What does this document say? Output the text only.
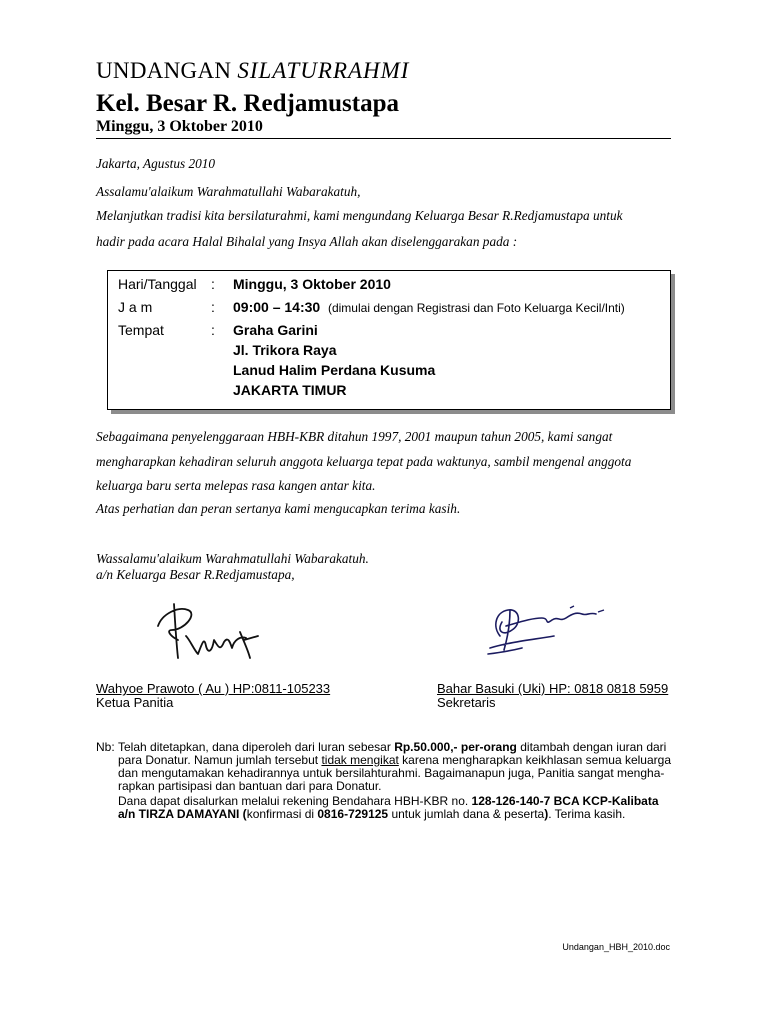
UNDANGAN SILATURRAHMI
Kel. Besar R. Redjamustapa
Minggu, 3 Oktober 2010
Jakarta, Agustus 2010
Assalamu'alaikum Warahmatullahi Wabarakatuh,
Melanjutkan tradisi kita bersilaturahmi, kami mengundang Keluarga Besar R.Redjamustapa untuk
hadir pada acara Halal Bihalal yang Insya Allah akan diselenggarakan pada :
Hari/Tanggal : Minggu, 3 Oktober 2010
J a m	: 09:00 – 14:30 (dimulai dengan Registrasi dan Foto Keluarga Kecil/Inti)
Tempat	: Graha Garini
Jl. Trikora Raya
Lanud Halim Perdana Kusuma
JAKARTA TIMUR
Sebagaimana penyelenggaraan HBH-KBR ditahun 1997, 2001 maupun tahun 2005, kami sangat
mengharapkan kehadiran seluruh anggota keluarga tepat pada waktunya, sambil mengenal anggota
keluarga baru serta melepas rasa kangen antar kita.
Atas perhatian dan peran sertanya kami mengucapkan terima kasih.
Wassalamu'alaikum Warahmatullahi Wabarakatuh.
a/n Keluarga Besar R.Redjamustapa,
Wahyoe Prawoto ( Au ) HP:0811-105233
Ketua Panitia
Bahar Basuki (Uki) HP: 0818 0818 5959
Sekretaris
Nb: Telah ditetapkan, dana diperoleh dari luran sebesar Rp.50.000,- per-orang ditambah dengan iuran dari
para Donatur. Namun jumlah tersebut tidak mengikat karena mengharapkan keikhlasan semua keluarga
dan mengutamakan kehadirannya untuk bersilahturahmi. Bagaimanapun juga, Panitia sangat mengha-
rapkan partisipasi dan bantuan dari para Donatur.
Dana dapat disalurkan melalui rekening Bendahara HBH-KBR no. 128-126-140-7 BCA KCP-Kalibata
a/n TIRZA DAMAYANI (konfirmasi di 0816-729125 untuk jumlah dana & peserta). Terima kasih.
Undangan_HBH_2010.doc
